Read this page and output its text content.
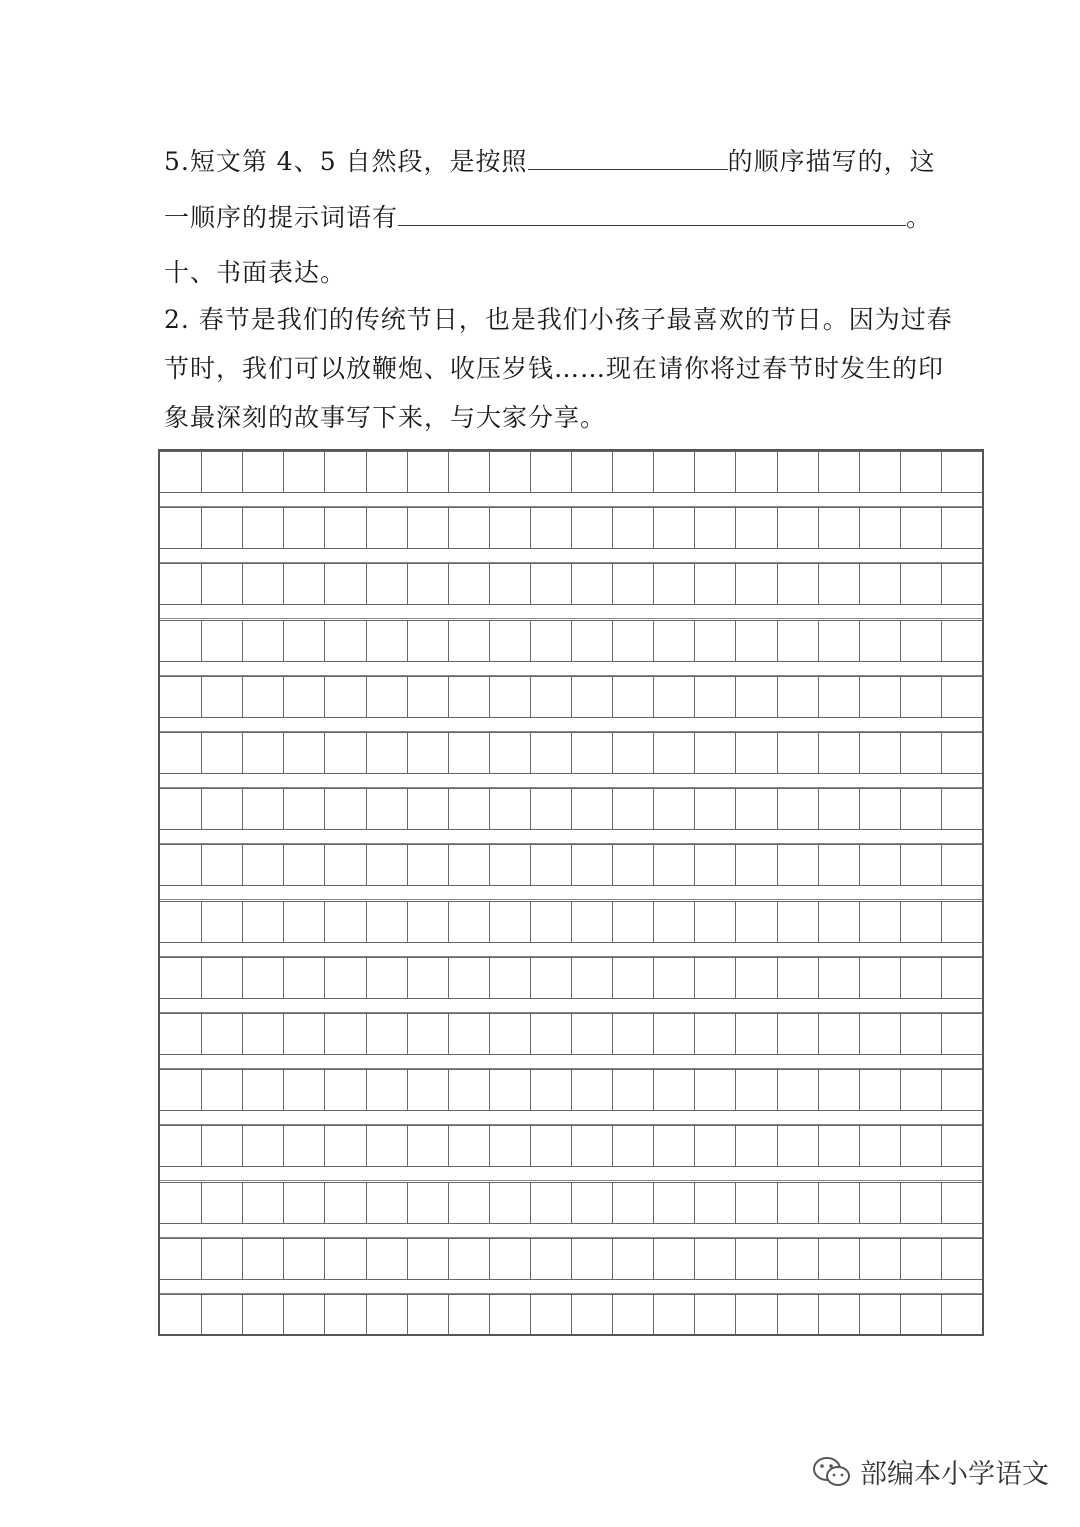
5.短文第 4、5 自然段，是按照	的顺序描写的，这
一顺序的提示词语有	。
十、书面表达。
2. 春节是我们的传统节日，也是我们小孩子最喜欢的节日。因为过春
节时，我们可以放鞭炮、收压岁钱……现在请你将过春节时发生的印
象最深刻的故事写下来，与大家分享。
部编本小学语文
